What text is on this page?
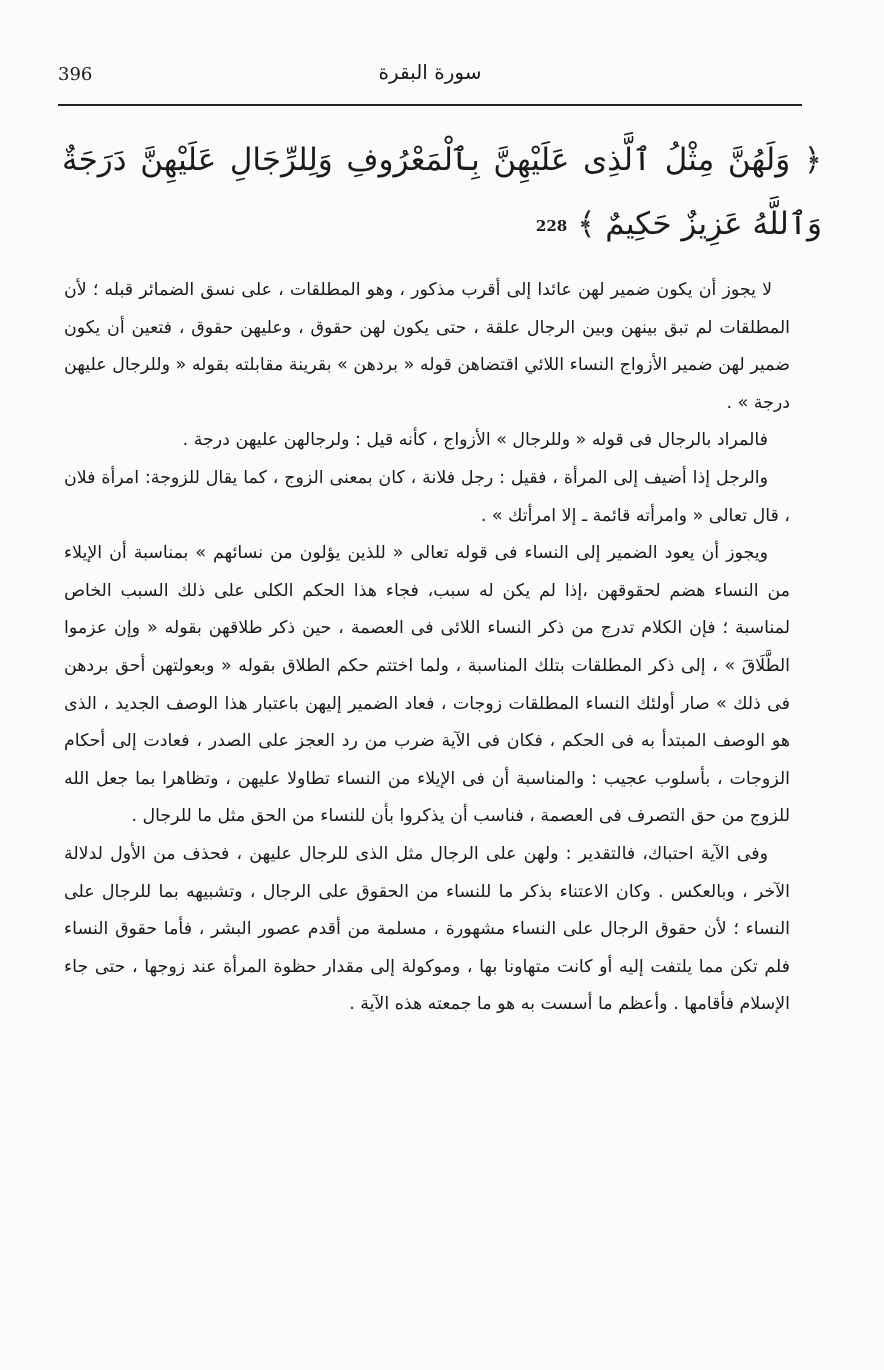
396	سورة البقرة
﴿ وَلَهُنَّ مِثْلُ ٱلَّذِى عَلَيْهِنَّ بِٱلْمَعْرُوفِ وَلِلرِّجَالِ عَلَيْهِنَّ دَرَجَةٌ وَٱللَّهُ عَزِيزٌ حَكِيمٌ ﴾228

لا يجوز أن يكون ضمير لهن عائدا إلى أقرب مذكور ، وهو المطلقات ، على نسق الضمائر قبله ؛ لأن المطلقات لم تبق بينهن وبين الرجال علقة ، حتى يكون لهن حقوق ، وعليهن حقوق ، فتعين أن يكون ضمير لهن ضمير الأزواج النساء اللائي اقتضاهن قوله « بردهن » بقرينة مقابلته بقوله « وللرجال عليهن درجة » .

فالمراد بالرجال فى قوله « وللرجال » الأزواج ، كأنه قيل : ولرجالهن عليهن درجة .

والرجل إذا أضيف إلى المرأة ، فقيل : رجل فلانة ، كان بمعنى الزوج ، كما يقال للزوجة: امرأة فلان ، قال تعالى « وامرأته قائمة ـ إلا امرأتك » .

ويجوز أن يعود الضمير إلى النساء فى قوله تعالى « للذين يؤلون من نسائهم » بمناسبة أن الإيلاء من النساء هضم لحقوقهن ،إذا لم يكن له سبب، فجاء هذا الحكم الكلى على ذلك السبب الخاص لمناسبة ؛ فإن الكلام تدرج من ذكر النساء اللائى فى العصمة ، حين ذكر طلاقهن بقوله « وإن عزموا الطَّلَاقَ » ، إلى ذكر المطلقات بتلك المناسبة ، ولما اختتم حكم الطلاق بقوله « وبعولتهن أحق بردهن فى ذلك » صار أولئك النساء المطلقات زوجات ، فعاد الضمير إليهن باعتبار هذا الوصف الجديد ، الذى هو الوصف المبتدأ به فى الحكم ، فكان فى الآية ضرب من رد العجز على الصدر ، فعادت إلى أحكام الزوجات ، بأسلوب عجيب : والمناسبة أن فى الإيلاء من النساء تطاولا عليهن ، وتظاهرا بما جعل الله للزوج من حق التصرف فى العصمة ، فناسب أن يذكروا بأن للنساء من الحق مثل ما للرجال .

وفى الآية احتباك، فالتقدير : ولهن على الرجال مثل الذى للرجال عليهن ، فحذف من الأول لدلالة الآخر ، وبالعكس . وكان الاعتناء بذكر ما للنساء من الحقوق على الرجال ، وتشبيهه بما للرجال على النساء ؛ لأن حقوق الرجال على النساء مشهورة ، مسلمة من أقدم عصور البشر ، فأما حقوق النساء فلم تكن مما يلتفت إليه أو كانت متهاونا بها ، وموكولة إلى مقدار حظوة المرأة عند زوجها ، حتى جاء الإسلام فأقامها . وأعظم ما أسست به هو ما جمعته هذه الآية .
